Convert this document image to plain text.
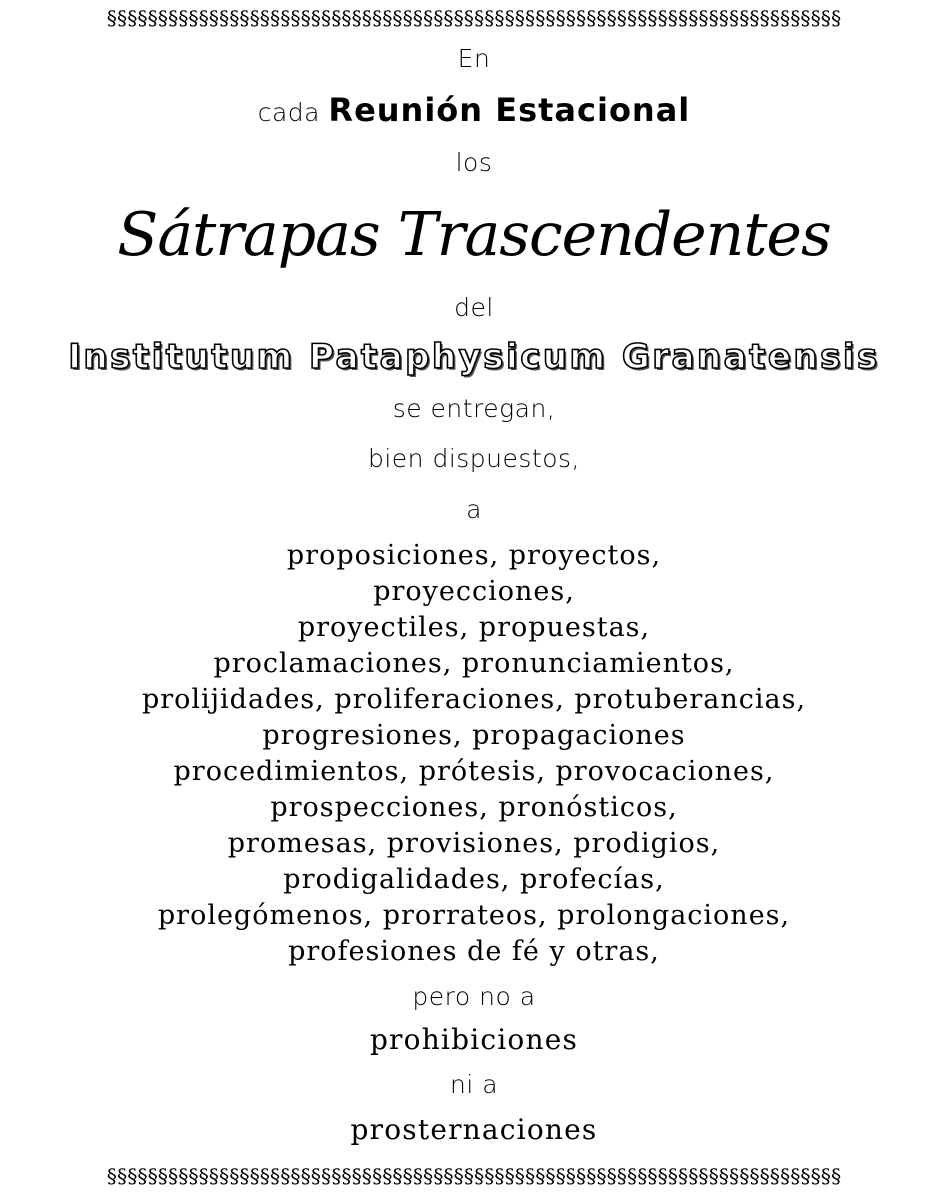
§§§§§§§§§§§§§§§§§§§§§§§§§§§§§§§§§§§§§§§§§§§§§§§§§§§§§§§§§§§§§§§§§§§§§§§§
En
cada Reunión Estacional
los
Sátrapas Trascendentes
del
Institutum Pataphysicum Granatensis
se entregan,
bien dispuestos,
a
proposiciones, proyectos,
proyecciones,
proyectiles, propuestas,
proclamaciones, pronunciamientos,
prolijidades, proliferaciones, protuberancias,
progresiones, propagaciones
procedimientos, prótesis, provocaciones,
prospecciones, pronósticos,
promesas, provisiones, prodigios,
prodigalidades, profecías,
prolegómenos, prorrateos, prolongaciones,
profesiones de fé y otras,
pero no a
prohibiciones
ni a
prosternaciones
§§§§§§§§§§§§§§§§§§§§§§§§§§§§§§§§§§§§§§§§§§§§§§§§§§§§§§§§§§§§§§§§§§§§§§§§
